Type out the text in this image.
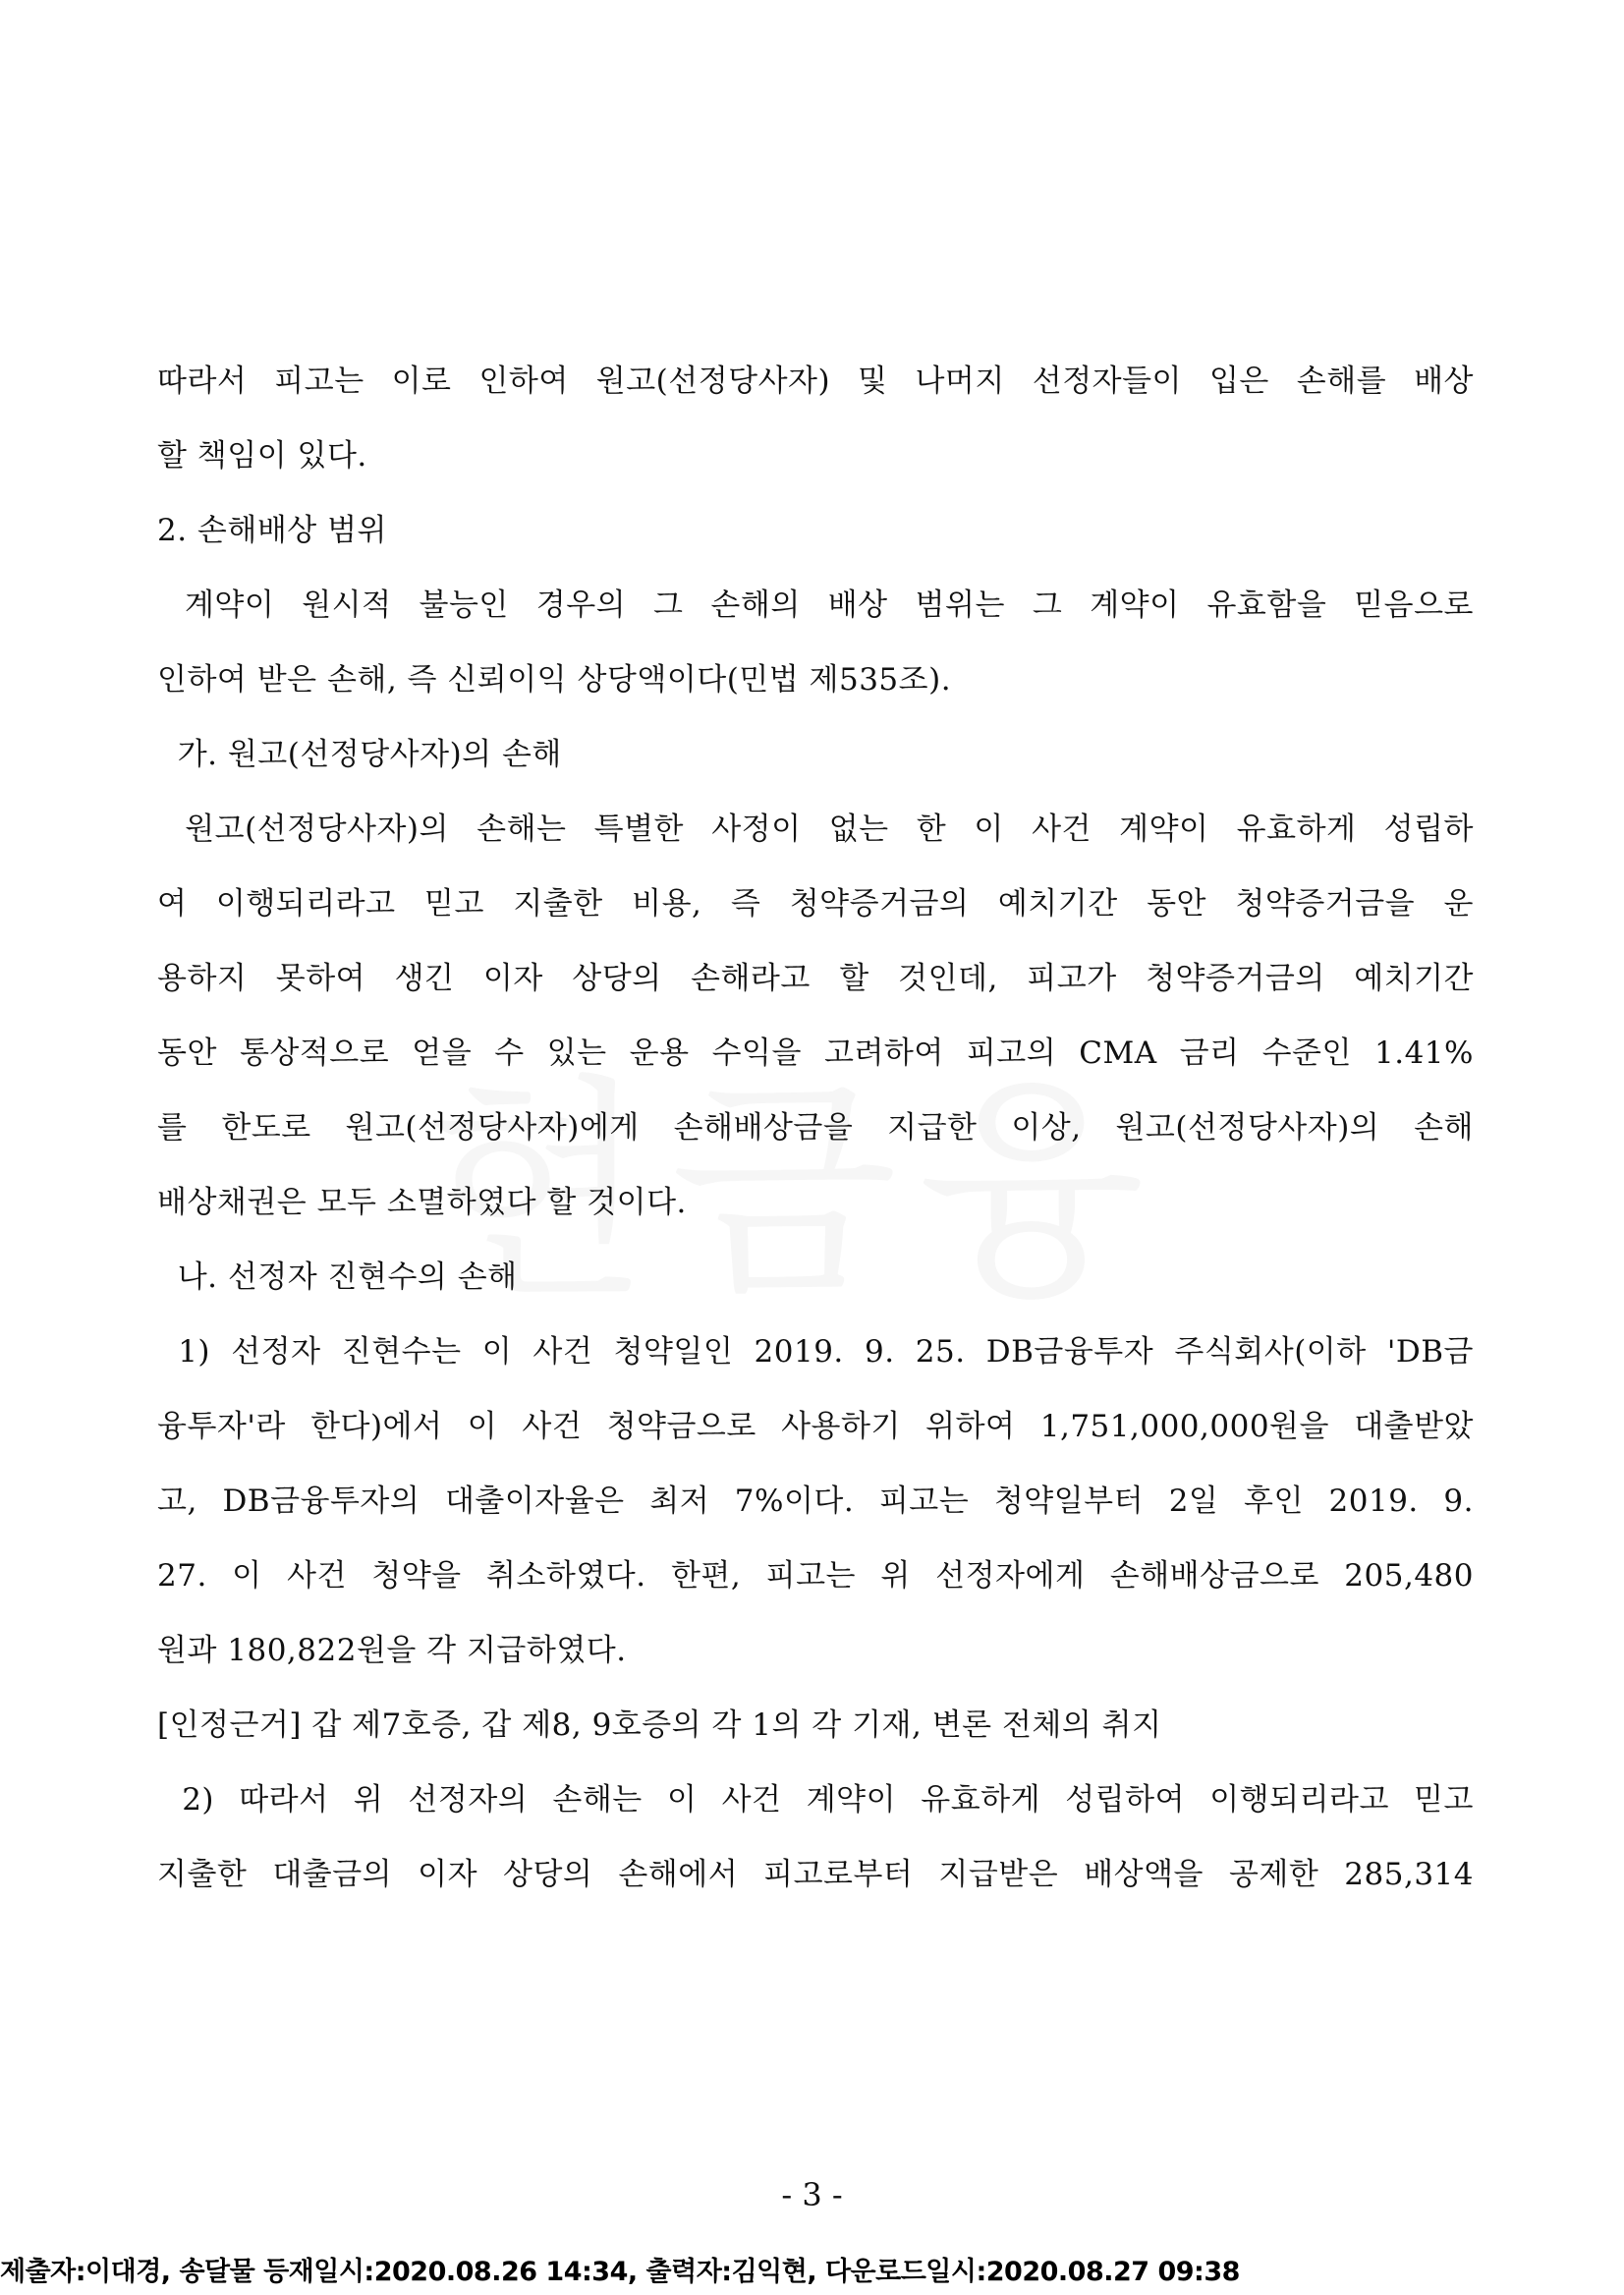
따라서 피고는 이로 인하여 원고(선정당사자) 및 나머지 선정자들이 입은 손해를 배상
할 책임이 있다.
2. 손해배상 범위
계약이 원시적 불능인 경우의 그 손해의 배상 범위는 그 계약이 유효함을 믿음으로
인하여 받은 손해, 즉 신뢰이익 상당액이다(민법 제535조).
가. 원고(선정당사자)의 손해
원고(선정당사자)의 손해는 특별한 사정이 없는 한 이 사건 계약이 유효하게 성립하
여 이행되리라고 믿고 지출한 비용, 즉 청약증거금의 예치기간 동안 청약증거금을 운
용하지 못하여 생긴 이자 상당의 손해라고 할 것인데, 피고가 청약증거금의 예치기간
동안 통상적으로 얻을 수 있는 운용 수익을 고려하여 피고의 CMA 금리 수준인 1.41%
를 한도로 원고(선정당사자)에게 손해배상금을 지급한 이상, 원고(선정당사자)의 손해
배상채권은 모두 소멸하였다 할 것이다.
나. 선정자 진현수의 손해
1) 선정자 진현수는 이 사건 청약일인 2019. 9. 25. DB금융투자 주식회사(이하 'DB금
융투자'라 한다)에서 이 사건 청약금으로 사용하기 위하여 1,751,000,000원을 대출받았
고, DB금융투자의 대출이자율은 최저 7%이다. 피고는 청약일부터 2일 후인 2019. 9.
27. 이 사건 청약을 취소하였다. 한편, 피고는 위 선정자에게 손해배상금으로 205,480
원과 180,822원을 각 지급하였다.
[인정근거] 갑 제7호증, 갑 제8, 9호증의 각 1의 각 기재, 변론 전체의 취지
2) 따라서 위 선정자의 손해는 이 사건 계약이 유효하게 성립하여 이행되리라고 믿고
지출한 대출금의 이자 상당의 손해에서 피고로부터 지급받은 배상액을 공제한 285,314
- 3 -
제출자:이대경, 송달물 등재일시:2020.08.26 14:34, 출력자:김익현, 다운로드일시:2020.08.27 09:38
